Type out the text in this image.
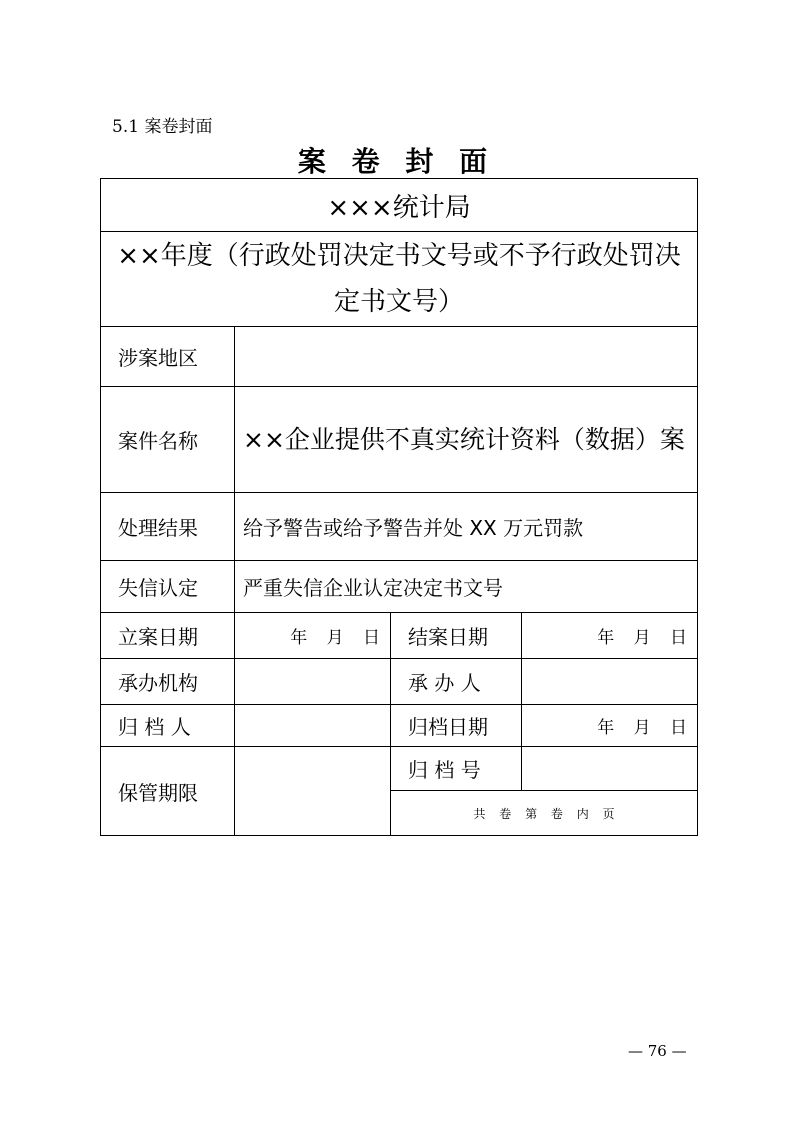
5.1 案卷封面
案 卷 封 面
×××统计局			
××年度（行政处罚决定书文号或不予行政处罚决定书文号）			
涉案地区			
案件名称	××企业提供不真实统计资料（数据）案		
处理结果	给予警告或给予警告并处 XX 万元罚款		
失信认定	严重失信企业认定决定书文号		
立案日期	年 月 日	结案日期	年 月 日
承办机构		承 办 人	
归 档 人		归档日期	年 月 日
保管期限		归 档 号	
		共 卷 第 卷 内 页	
— 76 —
